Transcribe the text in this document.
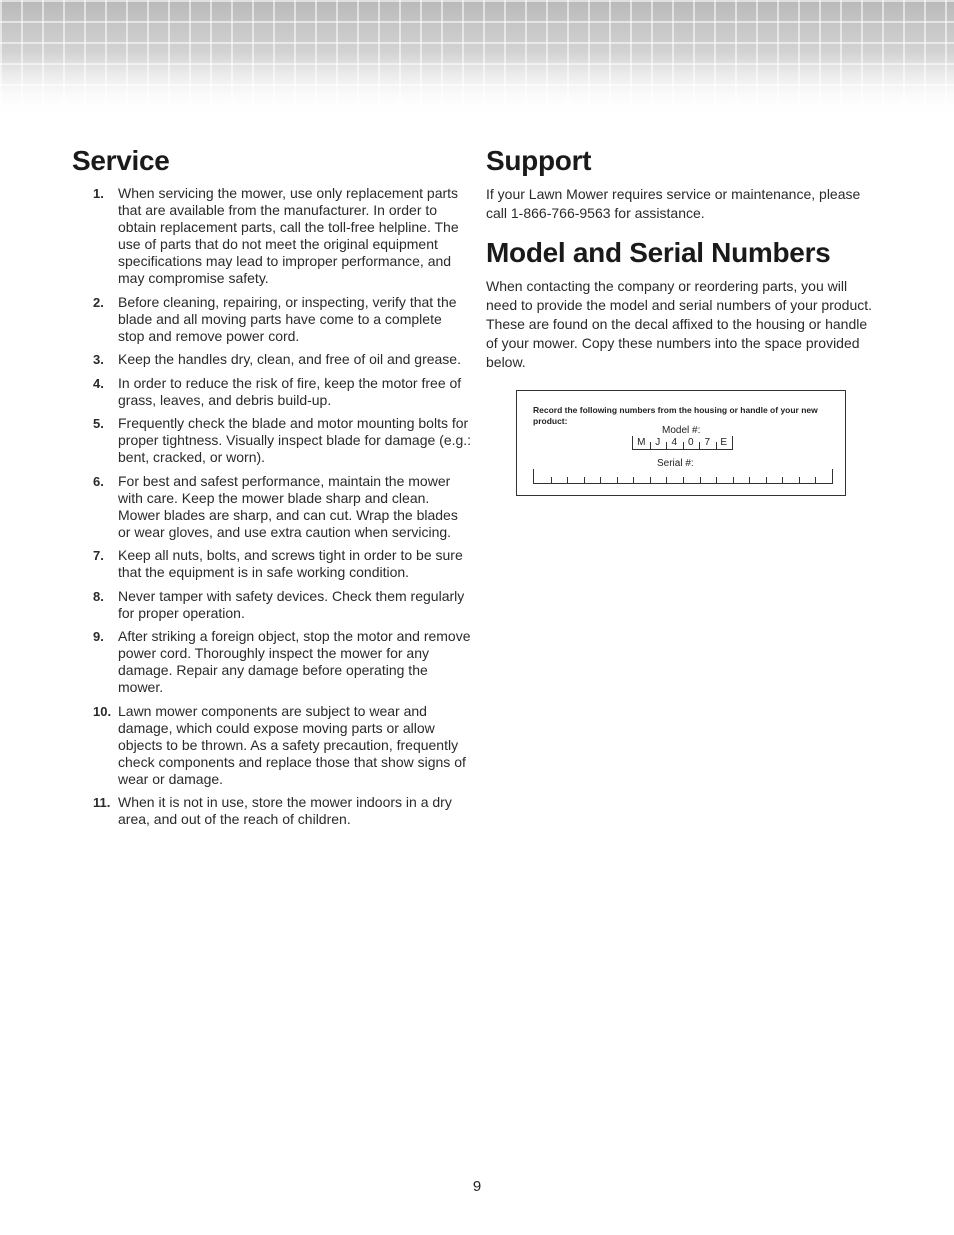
Service
1. When servicing the mower, use only replacement parts that are available from the manufacturer. In order to obtain replacement parts, call the toll-free helpline. The use of parts that do not meet the original equipment specifications may lead to improper performance, and may compromise safety.
2. Before cleaning, repairing, or inspecting, verify that the blade and all moving parts have come to a complete stop and remove power cord.
3. Keep the handles dry, clean, and free of oil and grease.
4. In order to reduce the risk of fire, keep the motor free of grass, leaves, and debris build-up.
5. Frequently check the blade and motor mounting bolts for proper tightness. Visually inspect blade for damage (e.g.: bent, cracked, or worn).
6. For best and safest performance, maintain the mower with care. Keep the mower blade sharp and clean. Mower blades are sharp, and can cut. Wrap the blades or wear gloves, and use extra caution when servicing.
7. Keep all nuts, bolts, and screws tight in order to be sure that the equipment is in safe working condition.
8. Never tamper with safety devices. Check them regularly for proper operation.
9. After striking a foreign object, stop the motor and remove power cord. Thoroughly inspect the mower for any damage. Repair any damage before operating the mower.
10. Lawn mower components are subject to wear and damage, which could expose moving parts or allow objects to be thrown. As a safety precaution, frequently check components and replace those that show signs of wear or damage.
11. When it is not in use, store the mower indoors in a dry area, and out of the reach of children.
Support

If your Lawn Mower requires service or maintenance, please call 1-866-766-9563 for assistance.

Model and Serial Numbers

When contacting the company or reordering parts, you will need to provide the model and serial numbers of your product. These are found on the decal affixed to the housing or handle of your mower. Copy these numbers into the space provided below.

Record the following numbers from the housing or handle of your new product:
Model #:
M J	4	0	7	E
Serial #:
9
